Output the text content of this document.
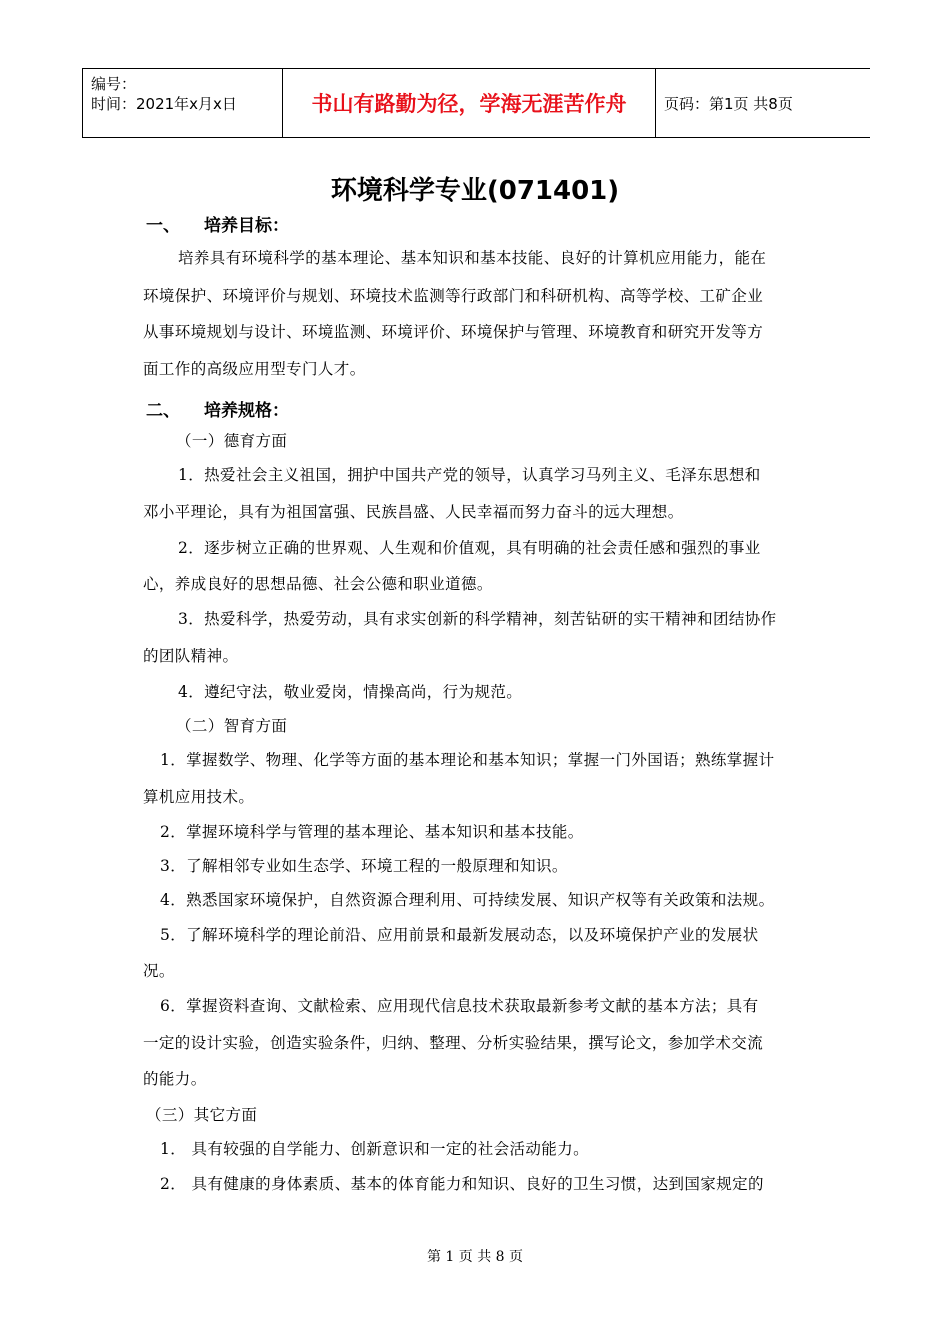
编号：
时间：2021年x月x日	书山有路勤为径，学海无涯苦作舟	页码：第1页 共8页
环境科学专业(071401)
一、 培养目标：
培养具有环境科学的基本理论、基本知识和基本技能、良好的计算机应用能力，能在
环境保护、环境评价与规划、环境技术监测等行政部门和科研机构、高等学校、工矿企业
从事环境规划与设计、环境监测、环境评价、环境保护与管理、环境教育和研究开发等方
面工作的高级应用型专门人才。
二、 培养规格：
（一）德育方面
1．热爱社会主义祖国，拥护中国共产党的领导，认真学习马列主义、毛泽东思想和
邓小平理论，具有为祖国富强、民族昌盛、人民幸福而努力奋斗的远大理想。
2．逐步树立正确的世界观、人生观和价值观，具有明确的社会责任感和强烈的事业
心，养成良好的思想品德、社会公德和职业道德。
3．热爱科学，热爱劳动，具有求实创新的科学精神，刻苦钻研的实干精神和团结协作
的团队精神。
4．遵纪守法，敬业爱岗，情操高尚，行为规范。
（二）智育方面
1．掌握数学、物理、化学等方面的基本理论和基本知识；掌握一门外国语；熟练掌握计
算机应用技术。
2．掌握环境科学与管理的基本理论、基本知识和基本技能。
3．了解相邻专业如生态学、环境工程的一般原理和知识。
4．熟悉国家环境保护，自然资源合理利用、可持续发展、知识产权等有关政策和法规。
5．了解环境科学的理论前沿、应用前景和最新发展动态，以及环境保护产业的发展状
况。
6．掌握资料查询、文献检索、应用现代信息技术获取最新参考文献的基本方法；具有
一定的设计实验，创造实验条件，归纳、整理、分析实验结果，撰写论文，参加学术交流
的能力。
（三）其它方面
1． 具有较强的自学能力、创新意识和一定的社会活动能力。
2． 具有健康的身体素质、基本的体育能力和知识、良好的卫生习惯，达到国家规定的
第 1 页 共 8 页
